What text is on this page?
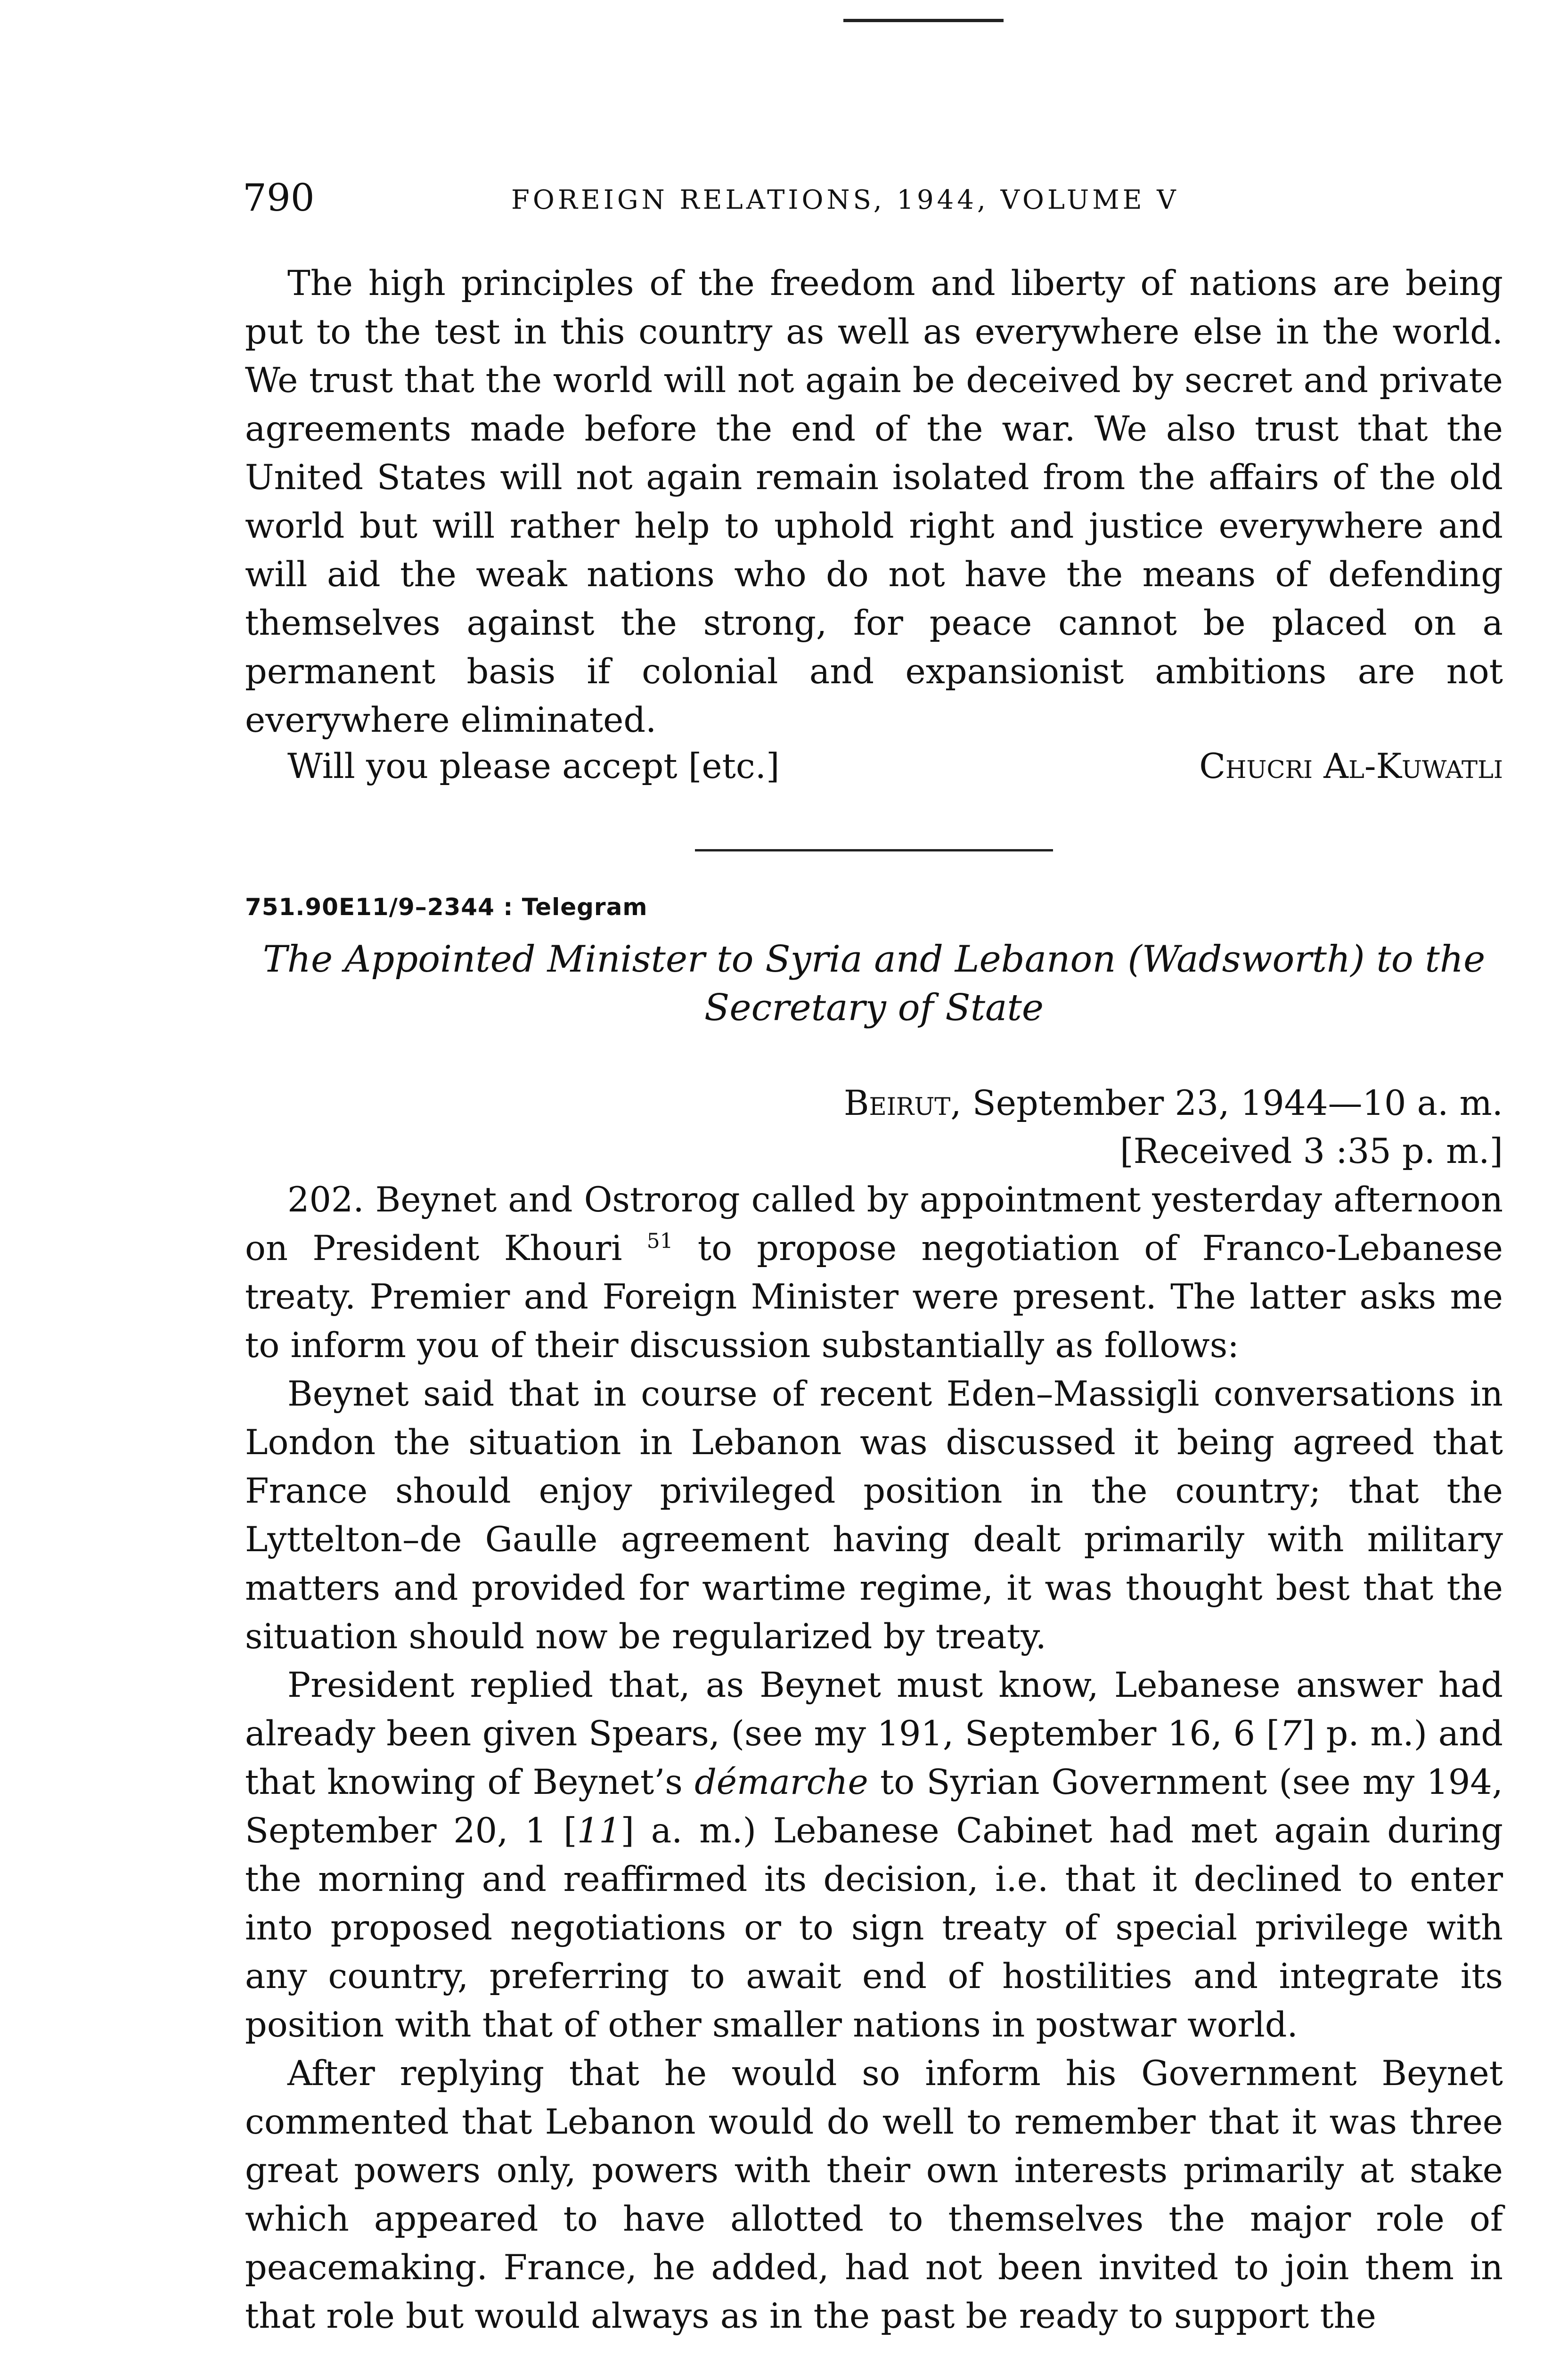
790	FOREIGN RELATIONS, 1944, VOLUME V

The high principles of the freedom and liberty of nations are being put to the test in this country as well as everywhere else in the world. We trust that the world will not again be deceived by secret and private agreements made before the end of the war. We also trust that the United States will not again remain isolated from the affairs of the old world but will rather help to uphold right and justice everywhere and will aid the weak nations who do not have the means of defending themselves against the strong, for peace cannot be placed on a permanent basis if colonial and expansionist ambitions are not everywhere eliminated.

Will you please accept [etc.]	Chucri Al-Kuwatli
751.90E11/9–2344 : Telegram
The Appointed Minister to Syria and Lebanon (Wadsworth) to the
Secretary of State
Beirut, September 23, 1944—10 a. m.
[Received 3 :35 p. m.]

202. Beynet and Ostrorog called by appointment yesterday afternoon on President Khouri $^{51}$ to propose negotiation of Franco-Lebanese treaty. Premier and Foreign Minister were present. The latter asks me to inform you of their discussion substantially as follows:

Beynet said that in course of recent Eden–Massigli conversations in London the situation in Lebanon was discussed it being agreed that France should enjoy privileged position in the country; that the Lyttelton–de Gaulle agreement having dealt primarily with military matters and provided for wartime regime, it was thought best that the situation should now be regularized by treaty.

President replied that, as Beynet must know, Lebanese answer had already been given Spears, (see my 191, September 16, 6 [7] p. m.) and that knowing of Beynet’s démarche to Syrian Government (see my 194, September 20, 1 [11] a. m.) Lebanese Cabinet had met again during the morning and reaffirmed its decision, i.e. that it declined to enter into proposed negotiations or to sign treaty of special privilege with any country, preferring to await end of hostilities and integrate its position with that of other smaller nations in postwar world.

After replying that he would so inform his Government Beynet commented that Lebanon would do well to remember that it was three great powers only, powers with their own interests primarily at stake which appeared to have allotted to themselves the major role of peacemaking. France, he added, had not been invited to join them in that role but would always as in the past be ready to support the
